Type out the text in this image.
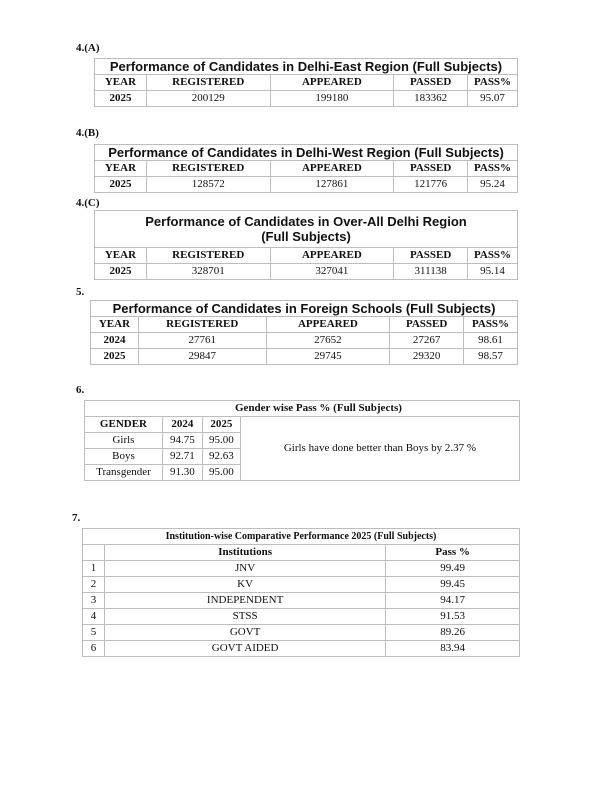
4.(A)
Performance of Candidates in Delhi-East Region (Full Subjects)				
YEAR	REGISTERED	APPEARED	PASSED	PASS%
2025	200129	199180	183362	95.07
4.(B)
Performance of Candidates in Delhi-West Region (Full Subjects)				
YEAR	REGISTERED	APPEARED	PASSED	PASS%
2025	128572	127861	121776	95.24
4.(C)
Performance of Candidates in Over-All Delhi Region (Full Subjects)				
YEAR	REGISTERED	APPEARED	PASSED	PASS%
2025	328701	327041	311138	95.14
5.
Performance of Candidates in Foreign Schools (Full Subjects)				
YEAR	REGISTERED	APPEARED	PASSED	PASS%
2024	27761	27652	27267	98.61
2025	29847	29745	29320	98.57
6.
Gender wise Pass % (Full Subjects)			
GENDER	2024	2025	Girls have done better than Boys by 2.37 %
Girls	94.75	95.00	
Boys	92.71	92.63	
Transgender	91.30	95.00	
7.
Institution-wise Comparative Performance 2025 (Full Subjects)		
	Institutions	Pass %
1	JNV	99.49
2	KV	99.45
3	INDEPENDENT	94.17
4	STSS	91.53
5	GOVT	89.26
6	GOVT AIDED	83.94
